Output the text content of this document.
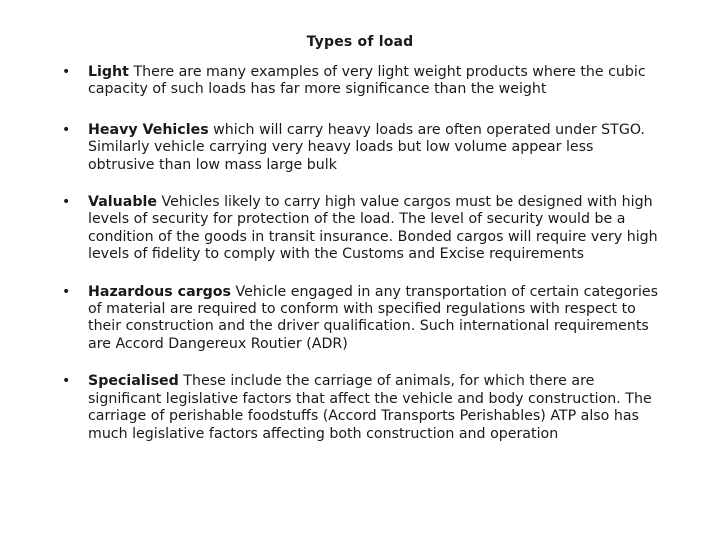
Types of load
• Light There are many examples of very light weight products where the cubic capacity of such loads has far more significance than the weight
• Heavy Vehicles which will carry heavy loads are often operated under STGO. Similarly vehicle carrying very heavy loads but low volume appear less obtrusive than low mass large bulk
• Valuable Vehicles likely to carry high value cargos must be designed with high levels of security for protection of the load. The level of security would be a condition of the goods in transit insurance. Bonded cargos will require very high levels of fidelity to comply with the Customs and Excise requirements
• Hazardous cargos Vehicle engaged in any transportation of certain categories of material are required to conform with specified regulations with respect to their construction and the driver qualification. Such international requirements are Accord Dangereux Routier (ADR)
• Specialised These include the carriage of animals, for which there are significant legislative factors that affect the vehicle and body construction. The carriage of perishable foodstuffs (Accord Transports Perishables) ATP also has much legislative factors affecting both construction and operation
